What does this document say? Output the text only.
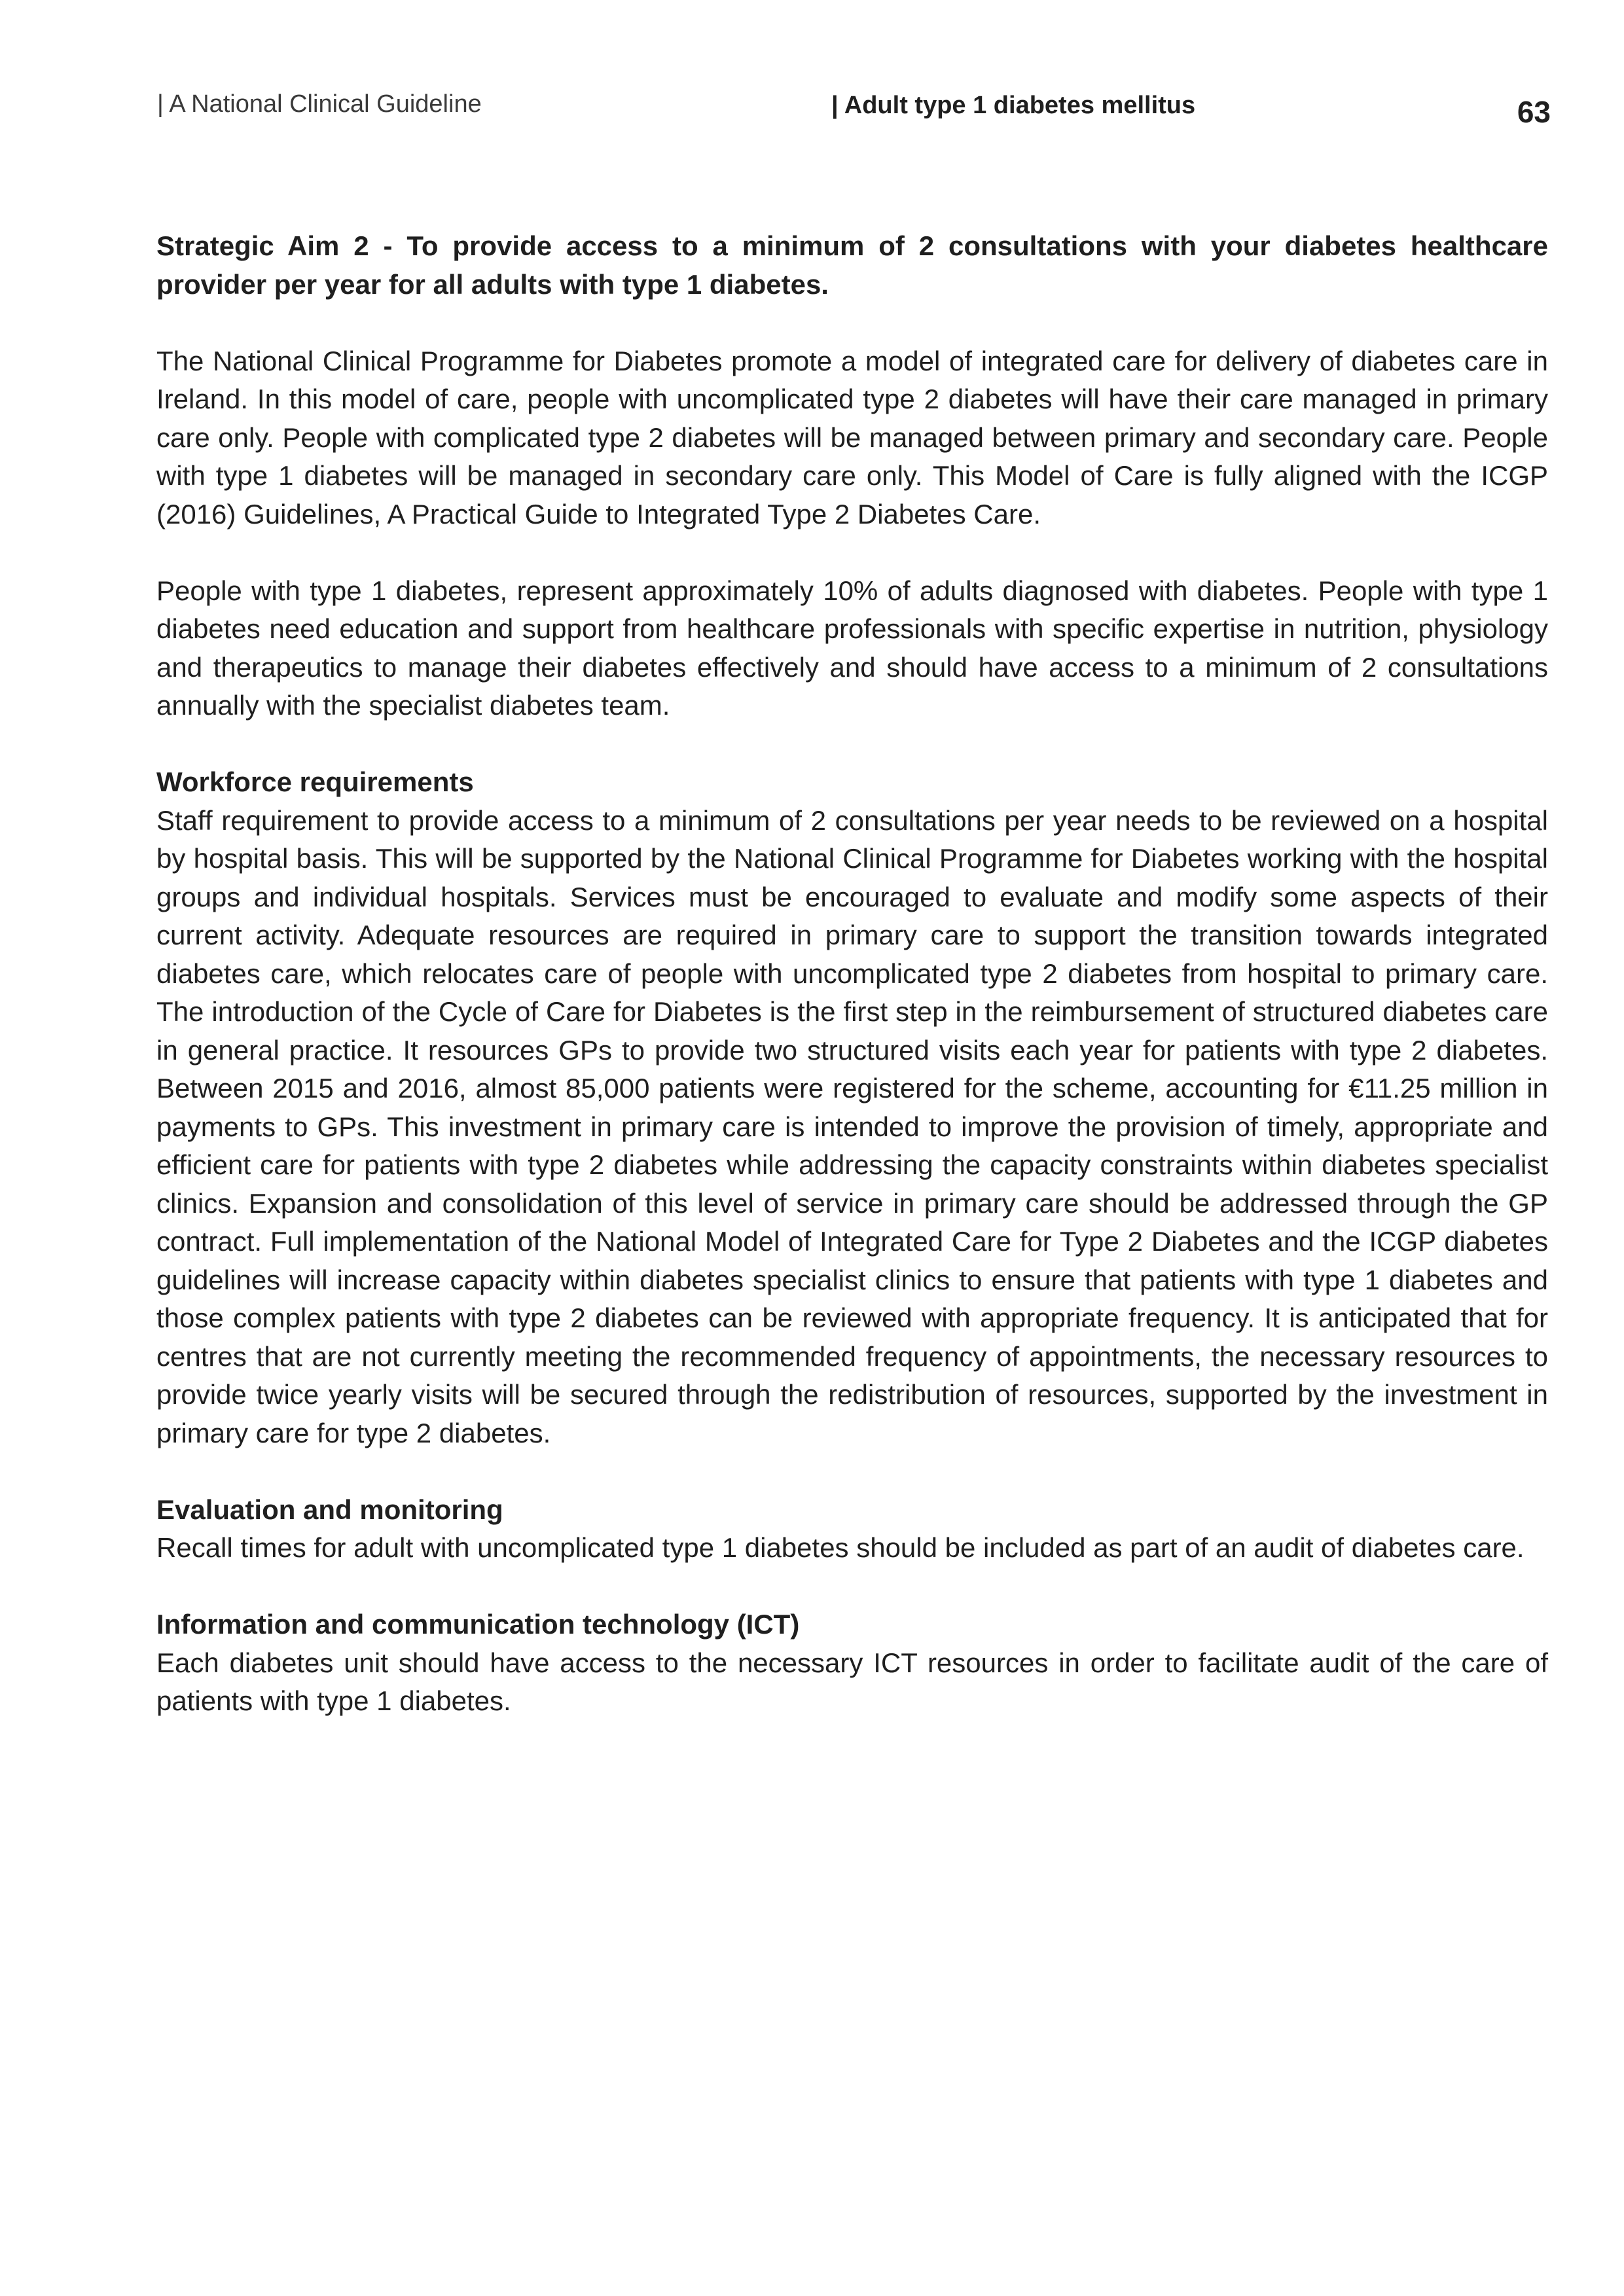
| A National Clinical Guideline	| Adult type 1 diabetes mellitus	63

Strategic Aim 2 - To provide access to a minimum of 2 consultations with your diabetes healthcare provider per year for all adults with type 1 diabetes.

The National Clinical Programme for Diabetes promote a model of integrated care for delivery of diabetes care in Ireland. In this model of care, people with uncomplicated type 2 diabetes will have their care managed in primary care only. People with complicated type 2 diabetes will be managed between primary and secondary care. People with type 1 diabetes will be managed in secondary care only. This Model of Care is fully aligned with the ICGP (2016) Guidelines, A Practical Guide to Integrated Type 2 Diabetes Care.

People with type 1 diabetes, represent approximately 10% of adults diagnosed with diabetes. People with type 1 diabetes need education and support from healthcare professionals with specific expertise in nutrition, physiology and therapeutics to manage their diabetes effectively and should have access to a minimum of 2 consultations annually with the specialist diabetes team.

Workforce requirements

Staff requirement to provide access to a minimum of 2 consultations per year needs to be reviewed on a hospital by hospital basis. This will be supported by the National Clinical Programme for Diabetes working with the hospital groups and individual hospitals. Services must be encouraged to evaluate and modify some aspects of their current activity. Adequate resources are required in primary care to support the transition towards integrated diabetes care, which relocates care of people with uncomplicated type 2 diabetes from hospital to primary care. The introduction of the Cycle of Care for Diabetes is the first step in the reimbursement of structured diabetes care in general practice. It resources GPs to provide two structured visits each year for patients with type 2 diabetes. Between 2015 and 2016, almost 85,000 patients were registered for the scheme, accounting for €11.25 million in payments to GPs. This investment in primary care is intended to improve the provision of timely, appropriate and efficient care for patients with type 2 diabetes while addressing the capacity constraints within diabetes specialist clinics. Expansion and consolidation of this level of service in primary care should be addressed through the GP contract. Full implementation of the National Model of Integrated Care for Type 2 Diabetes and the ICGP diabetes guidelines will increase capacity within diabetes specialist clinics to ensure that patients with type 1 diabetes and those complex patients with type 2 diabetes can be reviewed with appropriate frequency. It is anticipated that for centres that are not currently meeting the recommended frequency of appointments, the necessary resources to provide twice yearly visits will be secured through the redistribution of resources, supported by the investment in primary care for type 2 diabetes.

Evaluation and monitoring

Recall times for adult with uncomplicated type 1 diabetes should be included as part of an audit of diabetes care.

Information and communication technology (ICT)

Each diabetes unit should have access to the necessary ICT resources in order to facilitate audit of the care of patients with type 1 diabetes.
